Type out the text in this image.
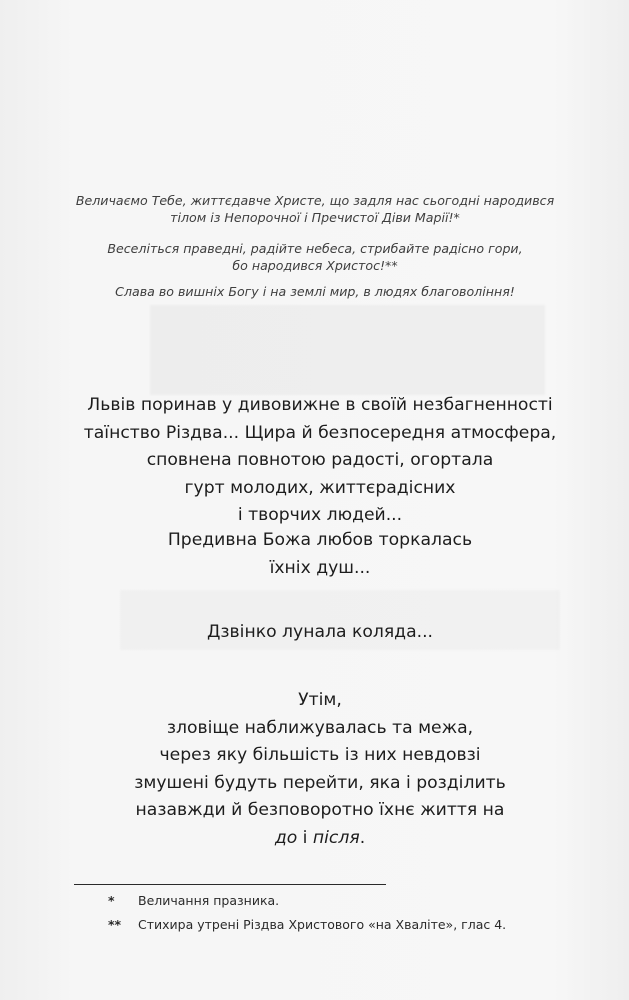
Величаємо Тебе, життєдавче Христе, що задля нас сьогодні народився
тілом із Непорочної і Пречистої Діви Марії!*
Веселіться праведні, радійте небеса, стрибайте радісно гори,
бо народився Христос!**
Слава во вишніх Богу і на землі мир, в людях благовоління!
Львів поринав у дивовижне в своїй незбагненності
таїнство Різдва... Щира й безпосередня атмосфера,
сповнена повнотою радості, огортала
гурт молодих, життєрадісних
і творчих людей...
Предивна Божа любов торкалась
їхніх душ...
Дзвінко лунала коляда...
Утім,
зловіще наближувалась та межа,
через яку більшість із них невдовзі
змушені будуть перейти, яка і розділить
назавжди й безповоротно їхнє життя на
до і після.
* Величання празника.
** Стихира утрені Різдва Христового «на Хваліте», глас 4.
